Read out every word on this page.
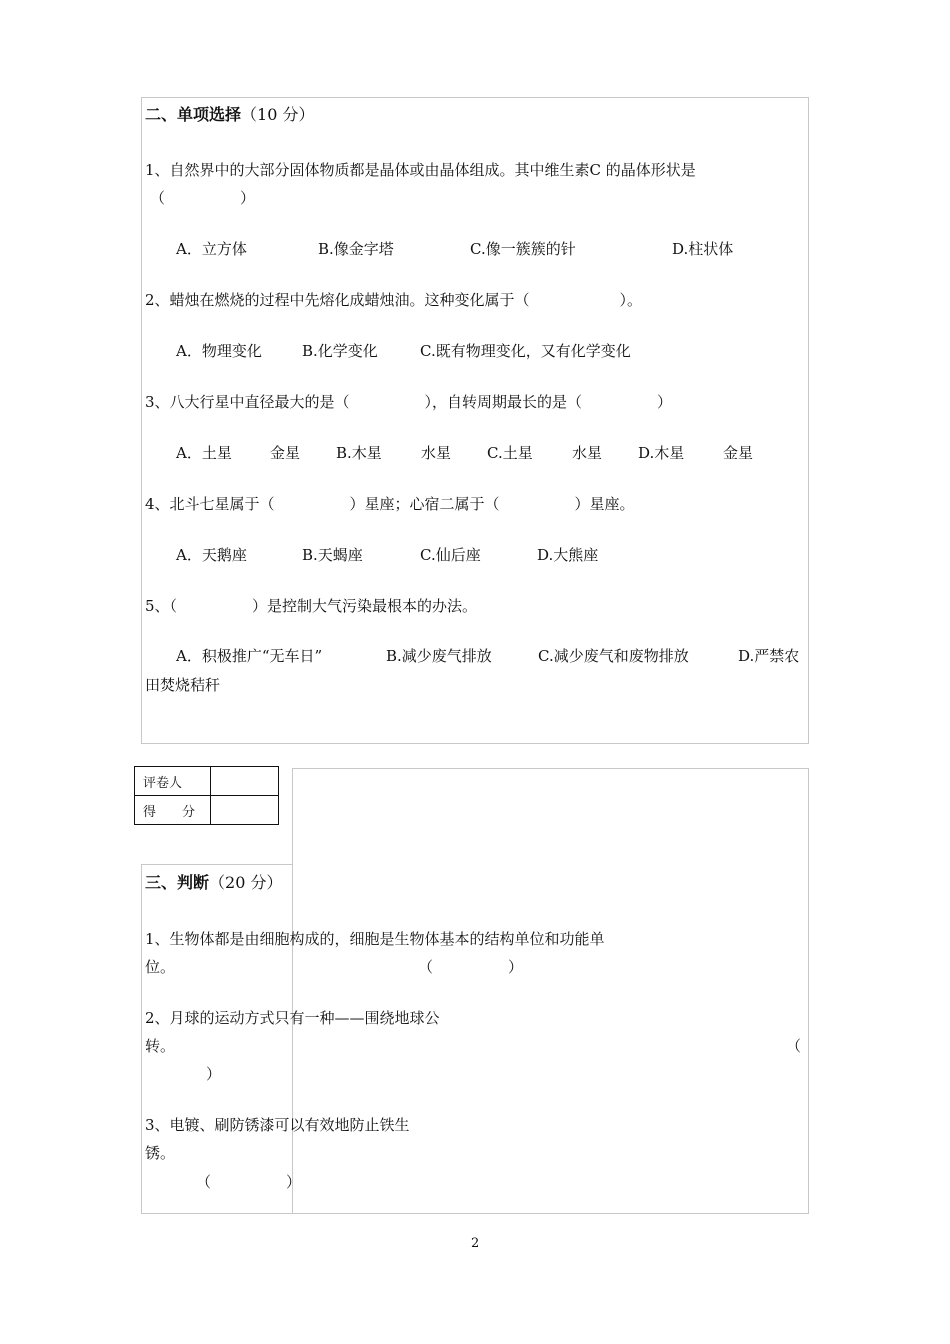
二、单项选择（10 分）
1、自然界中的大部分固体物质都是晶体或由晶体组成。其中维生素C 的晶体形状是
（　　　　　）
A．立方体	B.像金字塔	C.像一簇簇的针	D.柱状体
2、蜡烛在燃烧的过程中先熔化成蜡烛油。这种变化属于（　　　　　　）。
A．物理变化	B.化学变化	C.既有物理变化，又有化学变化
3、八大行星中直径最大的是（　　　　　），自转周期最长的是（　　　　　）
A．土星	金星 B.木星	水星 C.土星	水星 D.木星	金星
4、北斗七星属于（　　　　　）星座；心宿二属于（　　　　　）星座。
A．天鹅座	B.天蝎座	C.仙后座	D.大熊座
5、（　　　　　）是控制大气污染最根本的办法。
A．积极推广“无车日”	B.减少废气排放	C.减少废气和废物排放	D.严禁农
田焚烧秸秆
评卷人	
得　　分	
三、判断（20 分）
1、生物体都是由细胞构成的，细胞是生物体基本的结构单位和功能单
位。	（　　　　　）
2、月球的运动方式只有一种——围绕地球公
转。	（
）
3、电镀、刷防锈漆可以有效地防止铁生
锈。
（　　　　　）
2
